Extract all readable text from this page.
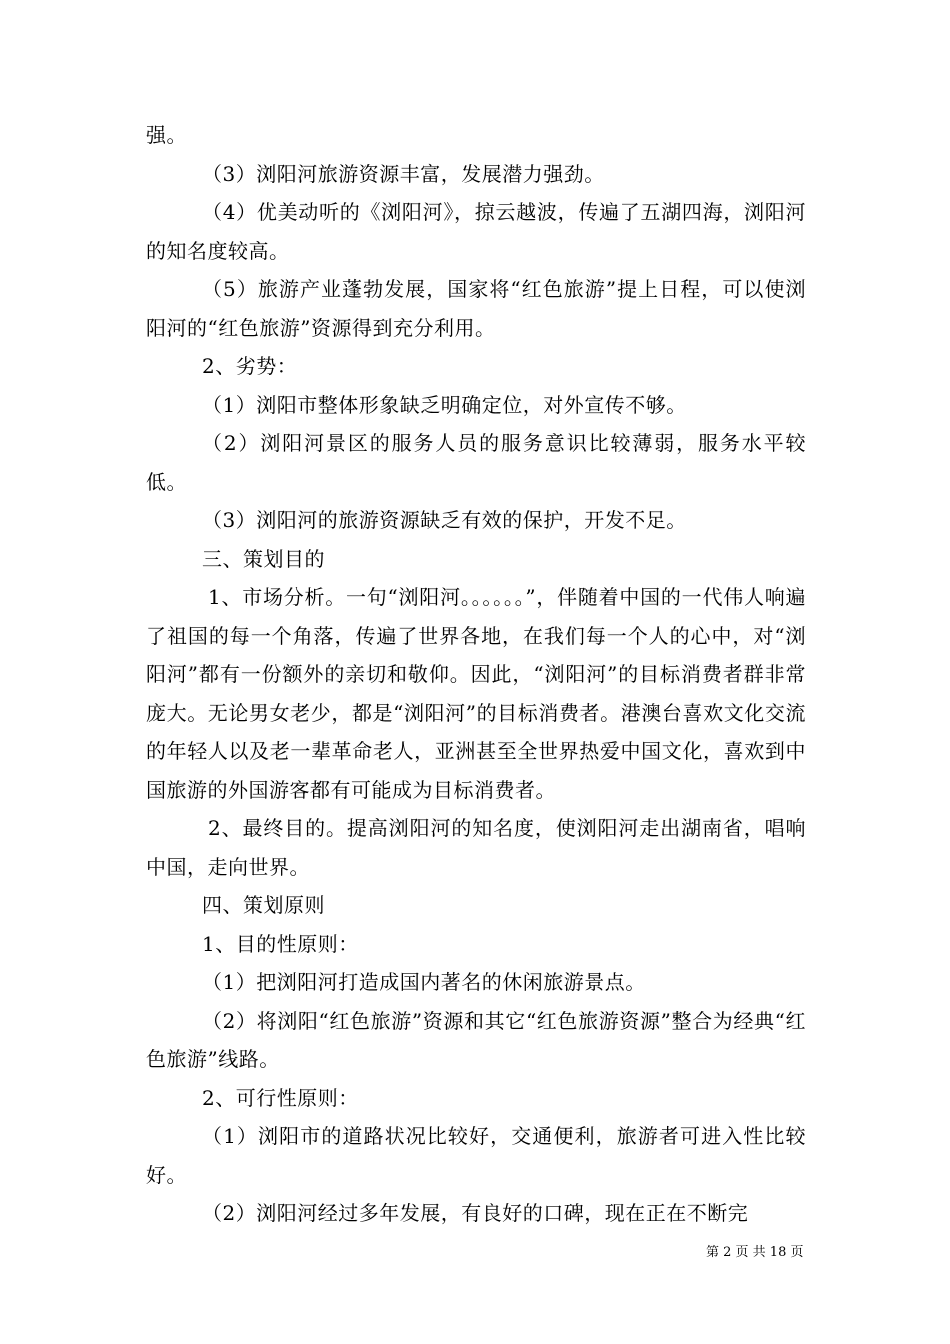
强。

（3）浏阳河旅游资源丰富，发展潜力强劲。

（4）优美动听的《浏阳河》，掠云越波，传遍了五湖四海，浏阳河的知名度较高。

（5）旅游产业蓬勃发展，国家将“红色旅游”提上日程，可以使浏阳河的“红色旅游”资源得到充分利用。

2、劣势：

（1）浏阳市整体形象缺乏明确定位，对外宣传不够。

（2）浏阳河景区的服务人员的服务意识比较薄弱，服务水平较低。

（3）浏阳河的旅游资源缺乏有效的保护，开发不足。

三、策划目的

1、市场分析。一句“浏阳河。。。。。。”，伴随着中国的一代伟人响遍了祖国的每一个角落，传遍了世界各地，在我们每一个人的心中，对“浏阳河”都有一份额外的亲切和敬仰。因此，“浏阳河”的目标消费者群非常庞大。无论男女老少，都是“浏阳河”的目标消费者。港澳台喜欢文化交流的年轻人以及老一辈革命老人，亚洲甚至全世界热爱中国文化，喜欢到中国旅游的外国游客都有可能成为目标消费者。

2、最终目的。提高浏阳河的知名度，使浏阳河走出湖南省，唱响中国，走向世界。

四、策划原则

1、目的性原则：

（1）把浏阳河打造成国内著名的休闲旅游景点。

（2）将浏阳“红色旅游”资源和其它“红色旅游资源”整合为经典“红色旅游”线路。

2、可行性原则：

（1）浏阳市的道路状况比较好，交通便利，旅游者可进入性比较好。

（2）浏阳河经过多年发展，有良好的口碑，现在正在不断完

第 2 页 共 18 页
